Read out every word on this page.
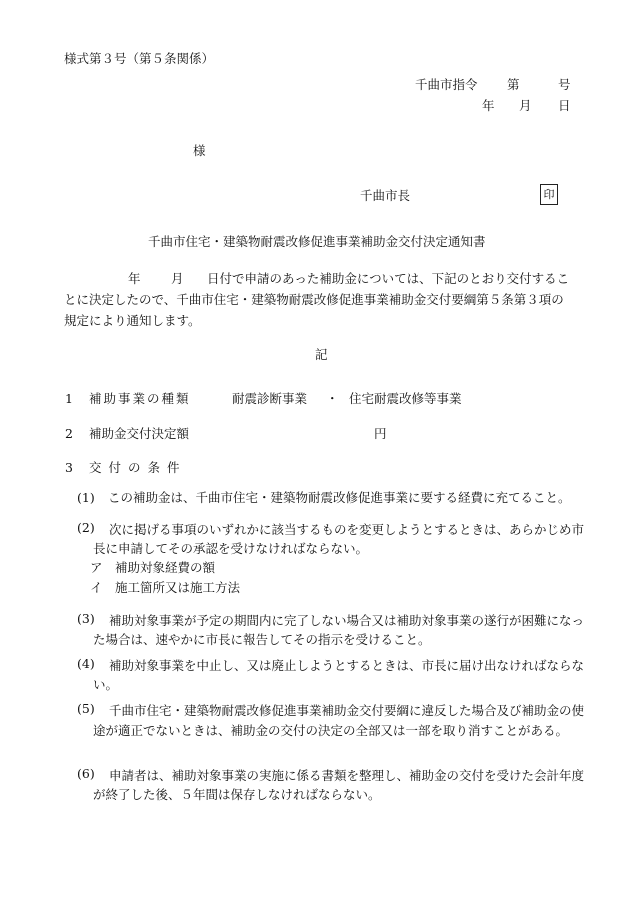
様式第３号（第５条関係）
千曲市指令 第	号
年 月 日
様
千曲市長	印
千曲市住宅・建築物耐震改修促進事業補助金交付決定通知書
年 月 日付で申請のあった補助金については、下記のとおり交付するこ
とに決定したので、千曲市住宅・建築物耐震改修促進事業補助金交付要綱第５条第３項の
規定により通知します。
記
1 補助事業の種類	耐震診断事業 ・ 住宅耐震改修等事業
2 補助金交付決定額	円
3 交付の条件
(1) この補助金は、千曲市住宅・建築物耐震改修促進事業に要する経費に充てること。
(2)	次に掲げる事項のいずれかに該当するものを変更しようとするときは、あらかじめ市長に申請してその承認を受けなければならない。
ア 補助対象経費の額
イ 施工箇所又は施工方法
(3)	補助対象事業が予定の期間内に完了しない場合又は補助対象事業の遂行が困難になった場合は、速やかに市長に報告してその指示を受けること。
(4)	補助対象事業を中止し、又は廃止しようとするときは、市長に届け出なければならない。
(5)	千曲市住宅・建築物耐震改修促進事業補助金交付要綱に違反した場合及び補助金の使途が適正でないときは、補助金の交付の決定の全部又は一部を取り消すことがある。
(6)	申請者は、補助対象事業の実施に係る書類を整理し、補助金の交付を受けた会計年度が終了した後、５年間は保存しなければならない。
